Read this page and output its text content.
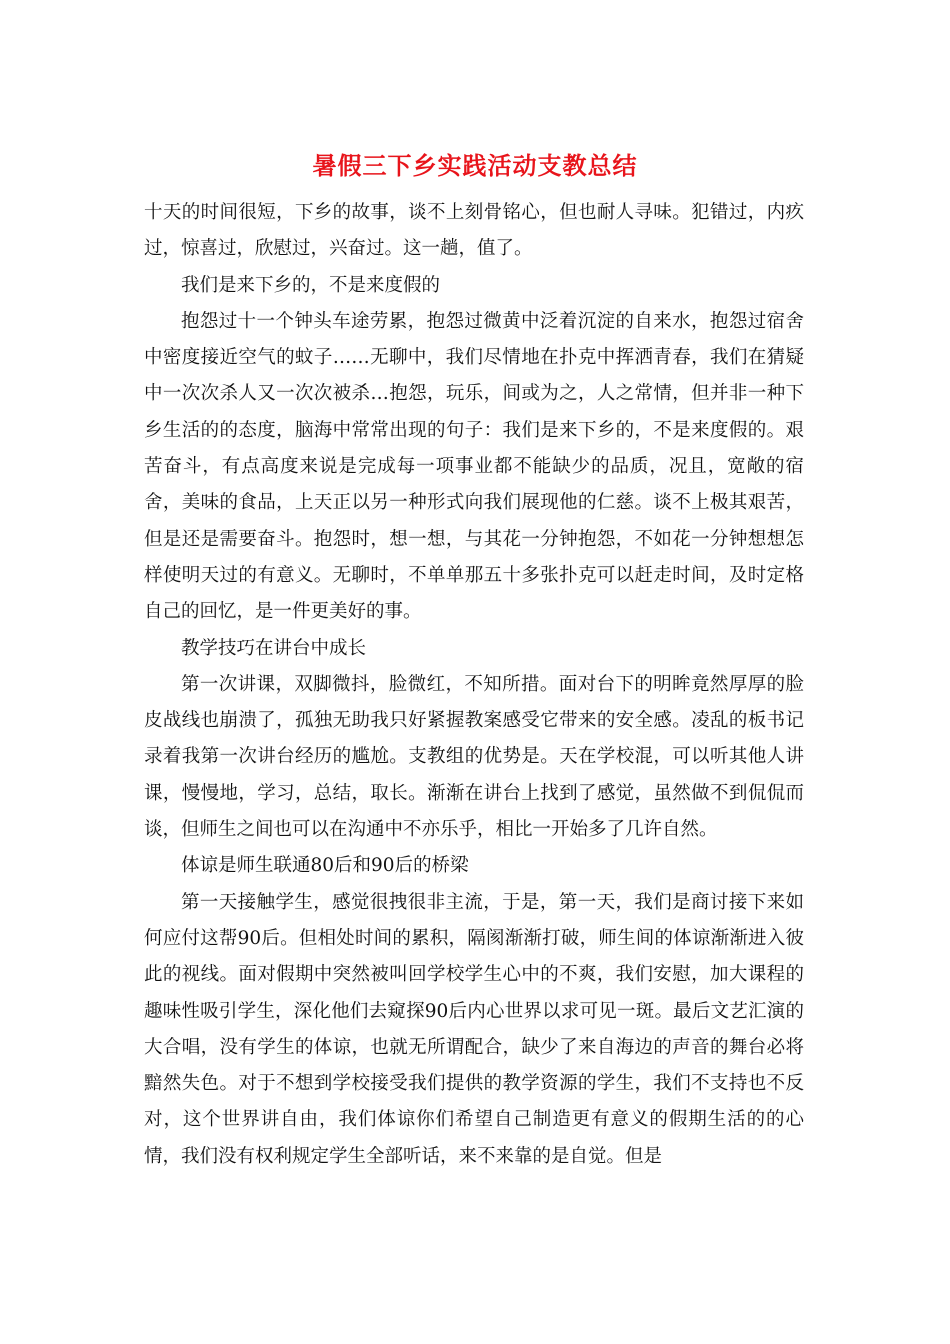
暑假三下乡实践活动支教总结

十天的时间很短，下乡的故事，谈不上刻骨铭心，但也耐人寻味。犯错过，内疚过，惊喜过，欣慰过，兴奋过。这一趟，值了。

我们是来下乡的，不是来度假的

抱怨过十一个钟头车途劳累，抱怨过微黄中泛着沉淀的自来水，抱怨过宿舍中密度接近空气的蚊子……无聊中，我们尽情地在扑克中挥洒青春，我们在猜疑中一次次杀人又一次次被杀…抱怨，玩乐，间或为之，人之常情，但并非一种下乡生活的的态度，脑海中常常出现的句子：我们是来下乡的，不是来度假的。艰苦奋斗，有点高度来说是完成每一项事业都不能缺少的品质，况且，宽敞的宿舍，美味的食品，上天正以另一种形式向我们展现他的仁慈。谈不上极其艰苦，但是还是需要奋斗。抱怨时，想一想，与其花一分钟抱怨，不如花一分钟想想怎样使明天过的有意义。无聊时，不单单那五十多张扑克可以赶走时间，及时定格自己的回忆，是一件更美好的事。

教学技巧在讲台中成长

第一次讲课，双脚微抖，脸微红，不知所措。面对台下的明眸竟然厚厚的脸皮战线也崩溃了，孤独无助我只好紧握教案感受它带来的安全感。凌乱的板书记录着我第一次讲台经历的尴尬。支教组的优势是。天在学校混，可以听其他人讲课，慢慢地，学习，总结，取长。渐渐在讲台上找到了感觉，虽然做不到侃侃而谈，但师生之间也可以在沟通中不亦乐乎，相比一开始多了几许自然。

体谅是师生联通80后和90后的桥梁

第一天接触学生，感觉很拽很非主流，于是，第一天，我们是商讨接下来如何应付这帮90后。但相处时间的累积，隔阂渐渐打破，师生间的体谅渐渐进入彼此的视线。面对假期中突然被叫回学校学生心中的不爽，我们安慰，加大课程的趣味性吸引学生，深化他们去窥探90后内心世界以求可见一斑。最后文艺汇演的大合唱，没有学生的体谅，也就无所谓配合，缺少了来自海边的声音的舞台必将黯然失色。对于不想到学校接受我们提供的教学资源的学生，我们不支持也不反对，这个世界讲自由，我们体谅你们希望自己制造更有意义的假期生活的的心情，我们没有权利规定学生全部听话，来不来靠的是自觉。但是
